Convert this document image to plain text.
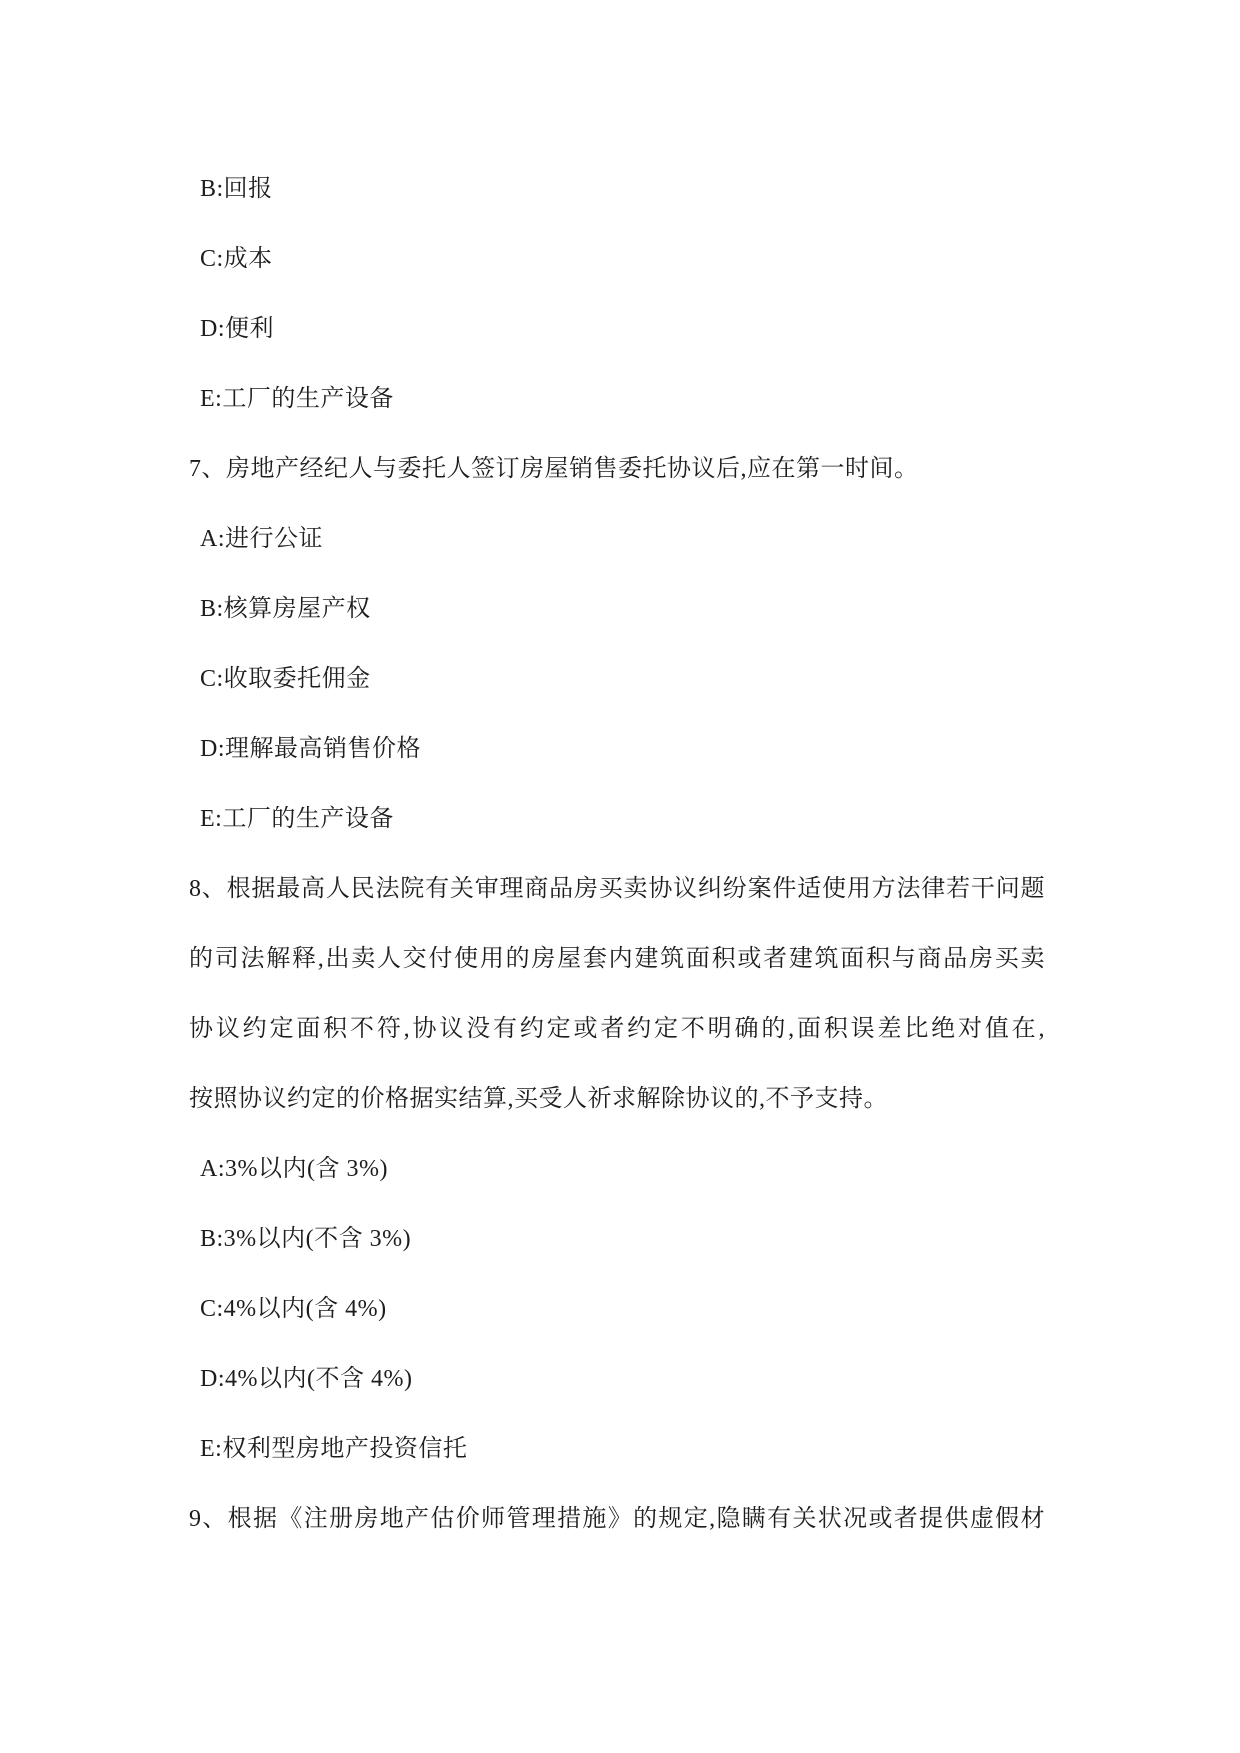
B:回报

C:成本

D:便利

E:工厂的生产设备

7、房地产经纪人与委托人签订房屋销售委托协议后,应在第一时间。

A:进行公证

B:核算房屋产权

C:收取委托佣金

D:理解最高销售价格

E:工厂的生产设备

8、根据最高人民法院有关审理商品房买卖协议纠纷案件适使用方法律若干问题

的司法解释,出卖人交付使用的房屋套内建筑面积或者建筑面积与商品房买卖

协议约定面积不符,协议没有约定或者约定不明确的,面积误差比绝对值在,

按照协议约定的价格据实结算,买受人祈求解除协议的,不予支持。

A:3%以内(含 3%)

B:3%以内(不含 3%)

C:4%以内(含 4%)

D:4%以内(不含 4%)

E:权利型房地产投资信托

9、根据《注册房地产估价师管理措施》的规定,隐瞒有关状况或者提供虚假材
